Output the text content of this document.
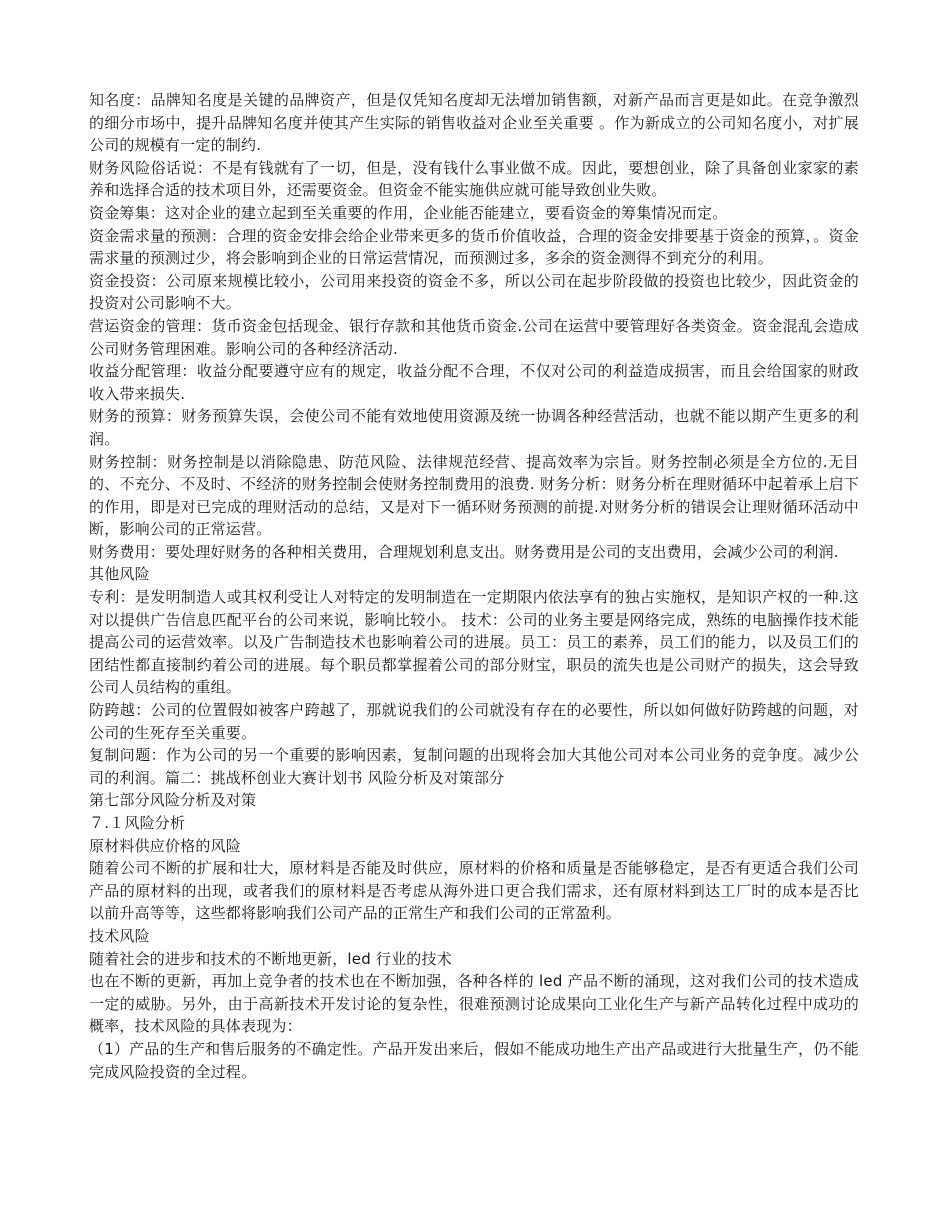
知名度：品牌知名度是关键的品牌资产，但是仅凭知名度却无法增加销售额，对新产品而言更是如此。在竞争激烈的细分市场中，提升品牌知名度并使其产生实际的销售收益对企业至关重要 。作为新成立的公司知名度小，对扩展公司的规模有一定的制约.

财务风险俗话说：不是有钱就有了一切，但是，没有钱什么事业做不成。因此，要想创业，除了具备创业家家的素养和选择合适的技术项目外，还需要资金。但资金不能实施供应就可能导致创业失败。

资金筹集：这对企业的建立起到至关重要的作用，企业能否能建立，要看资金的筹集情况而定。

资金需求量的预测：合理的资金安排会给企业带来更多的货币价值收益，合理的资金安排要基于资金的预算，。资金需求量的预测过少，将会影响到企业的日常运营情况，而预测过多，多余的资金测得不到充分的利用。

资金投资：公司原来规模比较小，公司用来投资的资金不多，所以公司在起步阶段做的投资也比较少，因此资金的投资对公司影响不大。

营运资金的管理：货币资金包括现金、银行存款和其他货币资金.公司在运营中要管理好各类资金。资金混乱会造成公司财务管理困难。影响公司的各种经济活动.

收益分配管理：收益分配要遵守应有的规定，收益分配不合理，不仅对公司的利益造成损害，而且会给国家的财政收入带来损失.

财务的预算：财务预算失误，会使公司不能有效地使用资源及统一协调各种经营活动，也就不能以期产生更多的利润。

财务控制：财务控制是以消除隐患、防范风险、法律规范经营、提高效率为宗旨。财务控制必须是全方位的.无目的、不充分、不及时、不经济的财务控制会使财务控制费用的浪费. 财务分析：财务分析在理财循环中起着承上启下的作用，即是对已完成的理财活动的总结，又是对下一循环财务预测的前提.对财务分析的错误会让理财循环活动中断，影响公司的正常运营。

财务费用：要处理好财务的各种相关费用，合理规划利息支出。财务费用是公司的支出费用，会减少公司的利润.

其他风险

专利：是发明制造人或其权利受让人对特定的发明制造在一定期限内依法享有的独占实施权，是知识产权的一种.这对以提供广告信息匹配平台的公司来说，影响比较小。 技术：公司的业务主要是网络完成，熟练的电脑操作技术能提高公司的运营效率。以及广告制造技术也影响着公司的进展。员工：员工的素养，员工们的能力，以及员工们的团结性都直接制约着公司的进展。每个职员都掌握着公司的部分财宝，职员的流失也是公司财产的损失，这会导致公司人员结构的重组。

防跨越：公司的位置假如被客户跨越了，那就说我们的公司就没有存在的必要性，所以如何做好防跨越的问题，对公司的生死存至关重要。

复制问题：作为公司的另一个重要的影响因素，复制问题的出现将会加大其他公司对本公司业务的竞争度。减少公司的利润。篇二：挑战杯创业大赛计划书 风险分析及对策部分

第七部分风险分析及对策

７.１风险分析

原材料供应价格的风险

随着公司不断的扩展和壮大，原材料是否能及时供应，原材料的价格和质量是否能够稳定，是否有更适合我们公司产品的原材料的出现，或者我们的原材料是否考虑从海外进口更合我们需求，还有原材料到达工厂时的成本是否比以前升高等等，这些都将影响我们公司产品的正常生产和我们公司的正常盈利。

技术风险

随着社会的进步和技术的不断地更新，led 行业的技术

也在不断的更新，再加上竞争者的技术也在不断加强，各种各样的 led 产品不断的涌现，这对我们公司的技术造成一定的威胁。另外，由于高新技术开发讨论的复杂性，很难预测讨论成果向工业化生产与新产品转化过程中成功的概率，技术风险的具体表现为：

（1）产品的生产和售后服务的不确定性。产品开发出来后，假如不能成功地生产出产品或进行大批量生产，仍不能完成风险投资的全过程。
